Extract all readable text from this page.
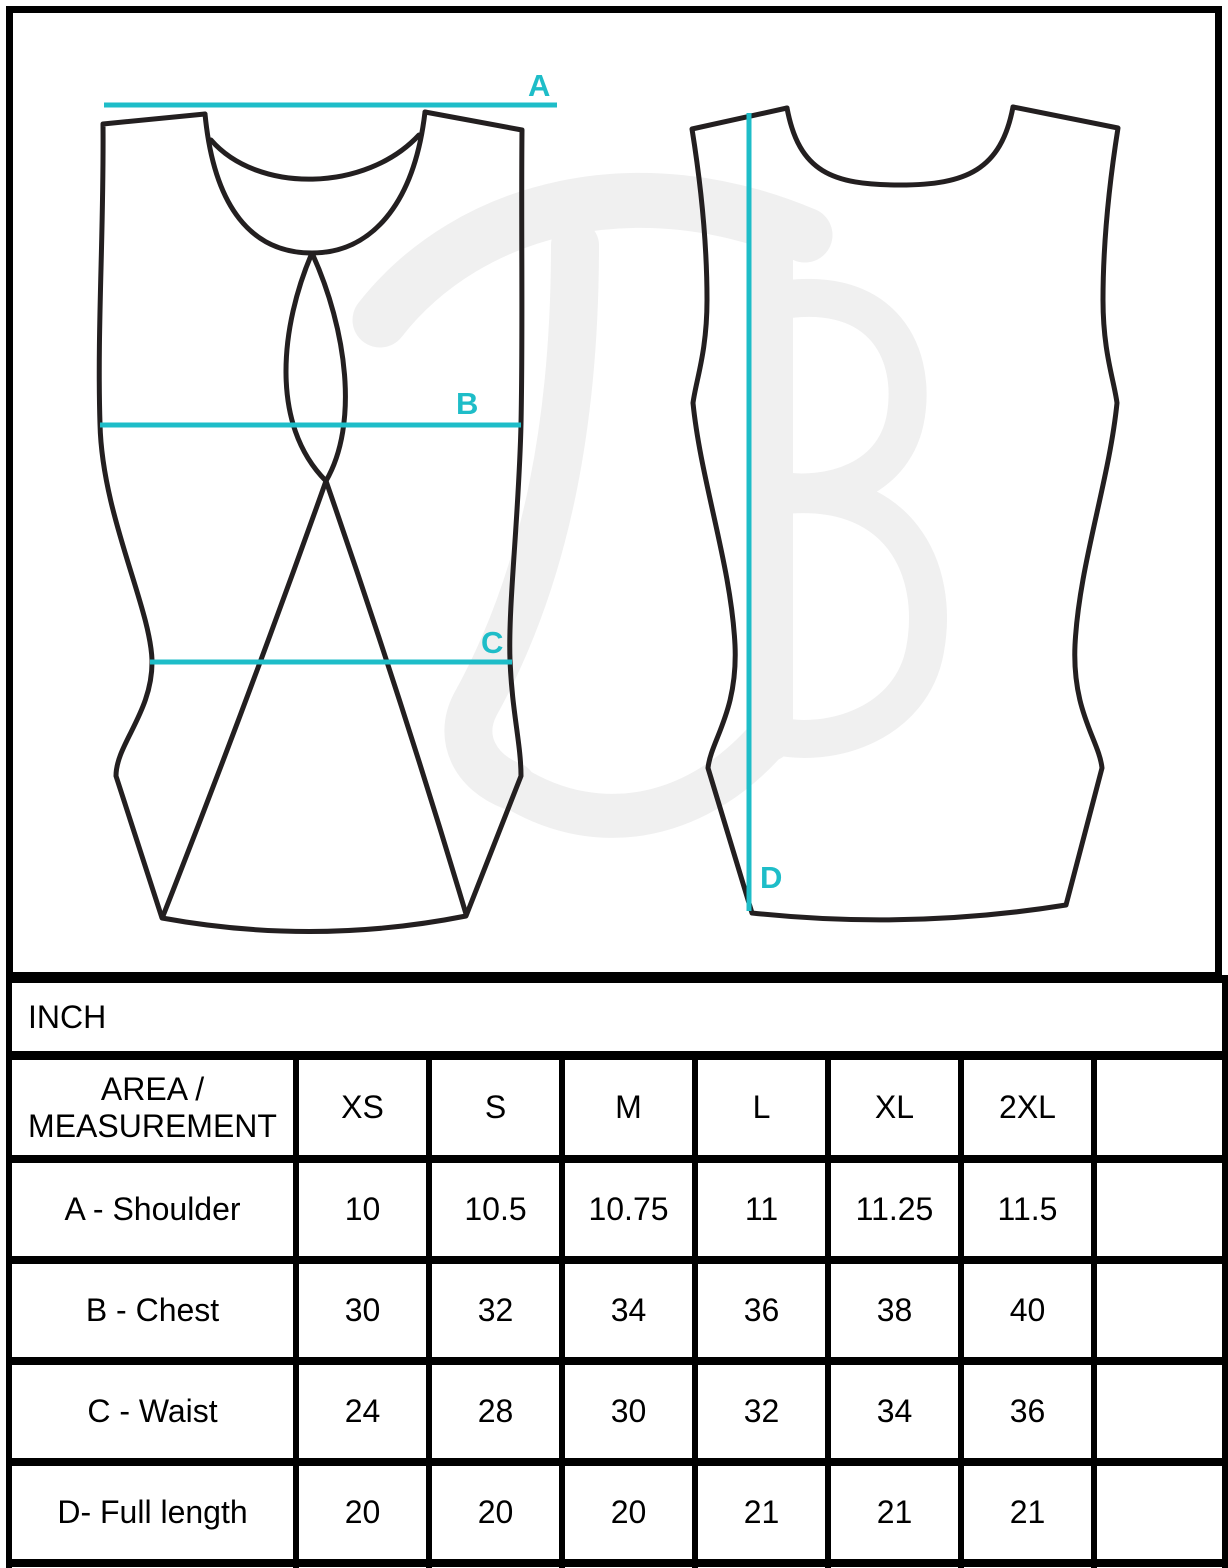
A
B
C
D
INCH							
AREA / MEASUREMENT	XS	S	M	L	XL	2XL	
A - Shoulder	10	10.5	10.75	11	11.25	11.5	
B - Chest	30	32	34	36	38	40	
C - Waist	24	28	30	32	34	36	
D- Full length	20	20	20	21	21	21	
